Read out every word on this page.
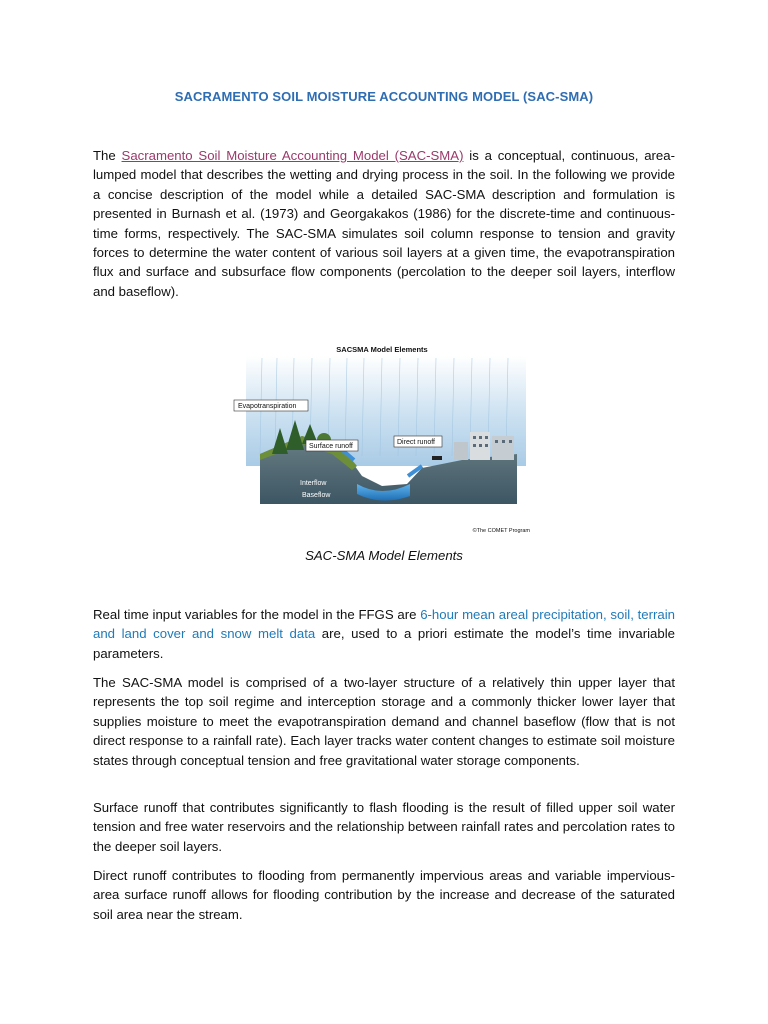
SACRAMENTO SOIL MOISTURE ACCOUNTING MODEL (SAC-SMA)

The Sacramento Soil Moisture Accounting Model (SAC-SMA) is a conceptual, continuous, area-lumped model that describes the wetting and drying process in the soil. In the following we provide a concise description of the model while a detailed SAC-SMA description and formulation is presented in Burnash et al. (1973) and Georgakakos (1986) for the discrete-time and continuous-time forms, respectively. The SAC-SMA simulates soil column response to tension and gravity forces to determine the water content of various soil layers at a given time, the evapotranspiration flux and surface and subsurface flow components (percolation to the deeper soil layers, interflow and baseflow).

SACSMA Model Elements
Evapotranspiration
Surface runoff
Direct runoff
Interflow
Baseflow
©The COMET Program
SAC-SMA Model Elements

Real time input variables for the model in the FFGS are 6-hour mean areal precipitation, soil, terrain and land cover and snow melt data are, used to a priori estimate the model’s time invariable parameters.

The SAC-SMA model is comprised of a two-layer structure of a relatively thin upper layer that represents the top soil regime and interception storage and a commonly thicker lower layer that supplies moisture to meet the evapotranspiration demand and channel baseflow (flow that is not direct response to a rainfall rate). Each layer tracks water content changes to estimate soil moisture states through conceptual tension and free gravitational water storage components.

Surface runoff that contributes significantly to flash flooding is the result of filled upper soil water tension and free water reservoirs and the relationship between rainfall rates and percolation rates to the deeper soil layers.

Direct runoff contributes to flooding from permanently impervious areas and variable impervious-area surface runoff allows for flooding contribution by the increase and decrease of the saturated soil area near the stream.
